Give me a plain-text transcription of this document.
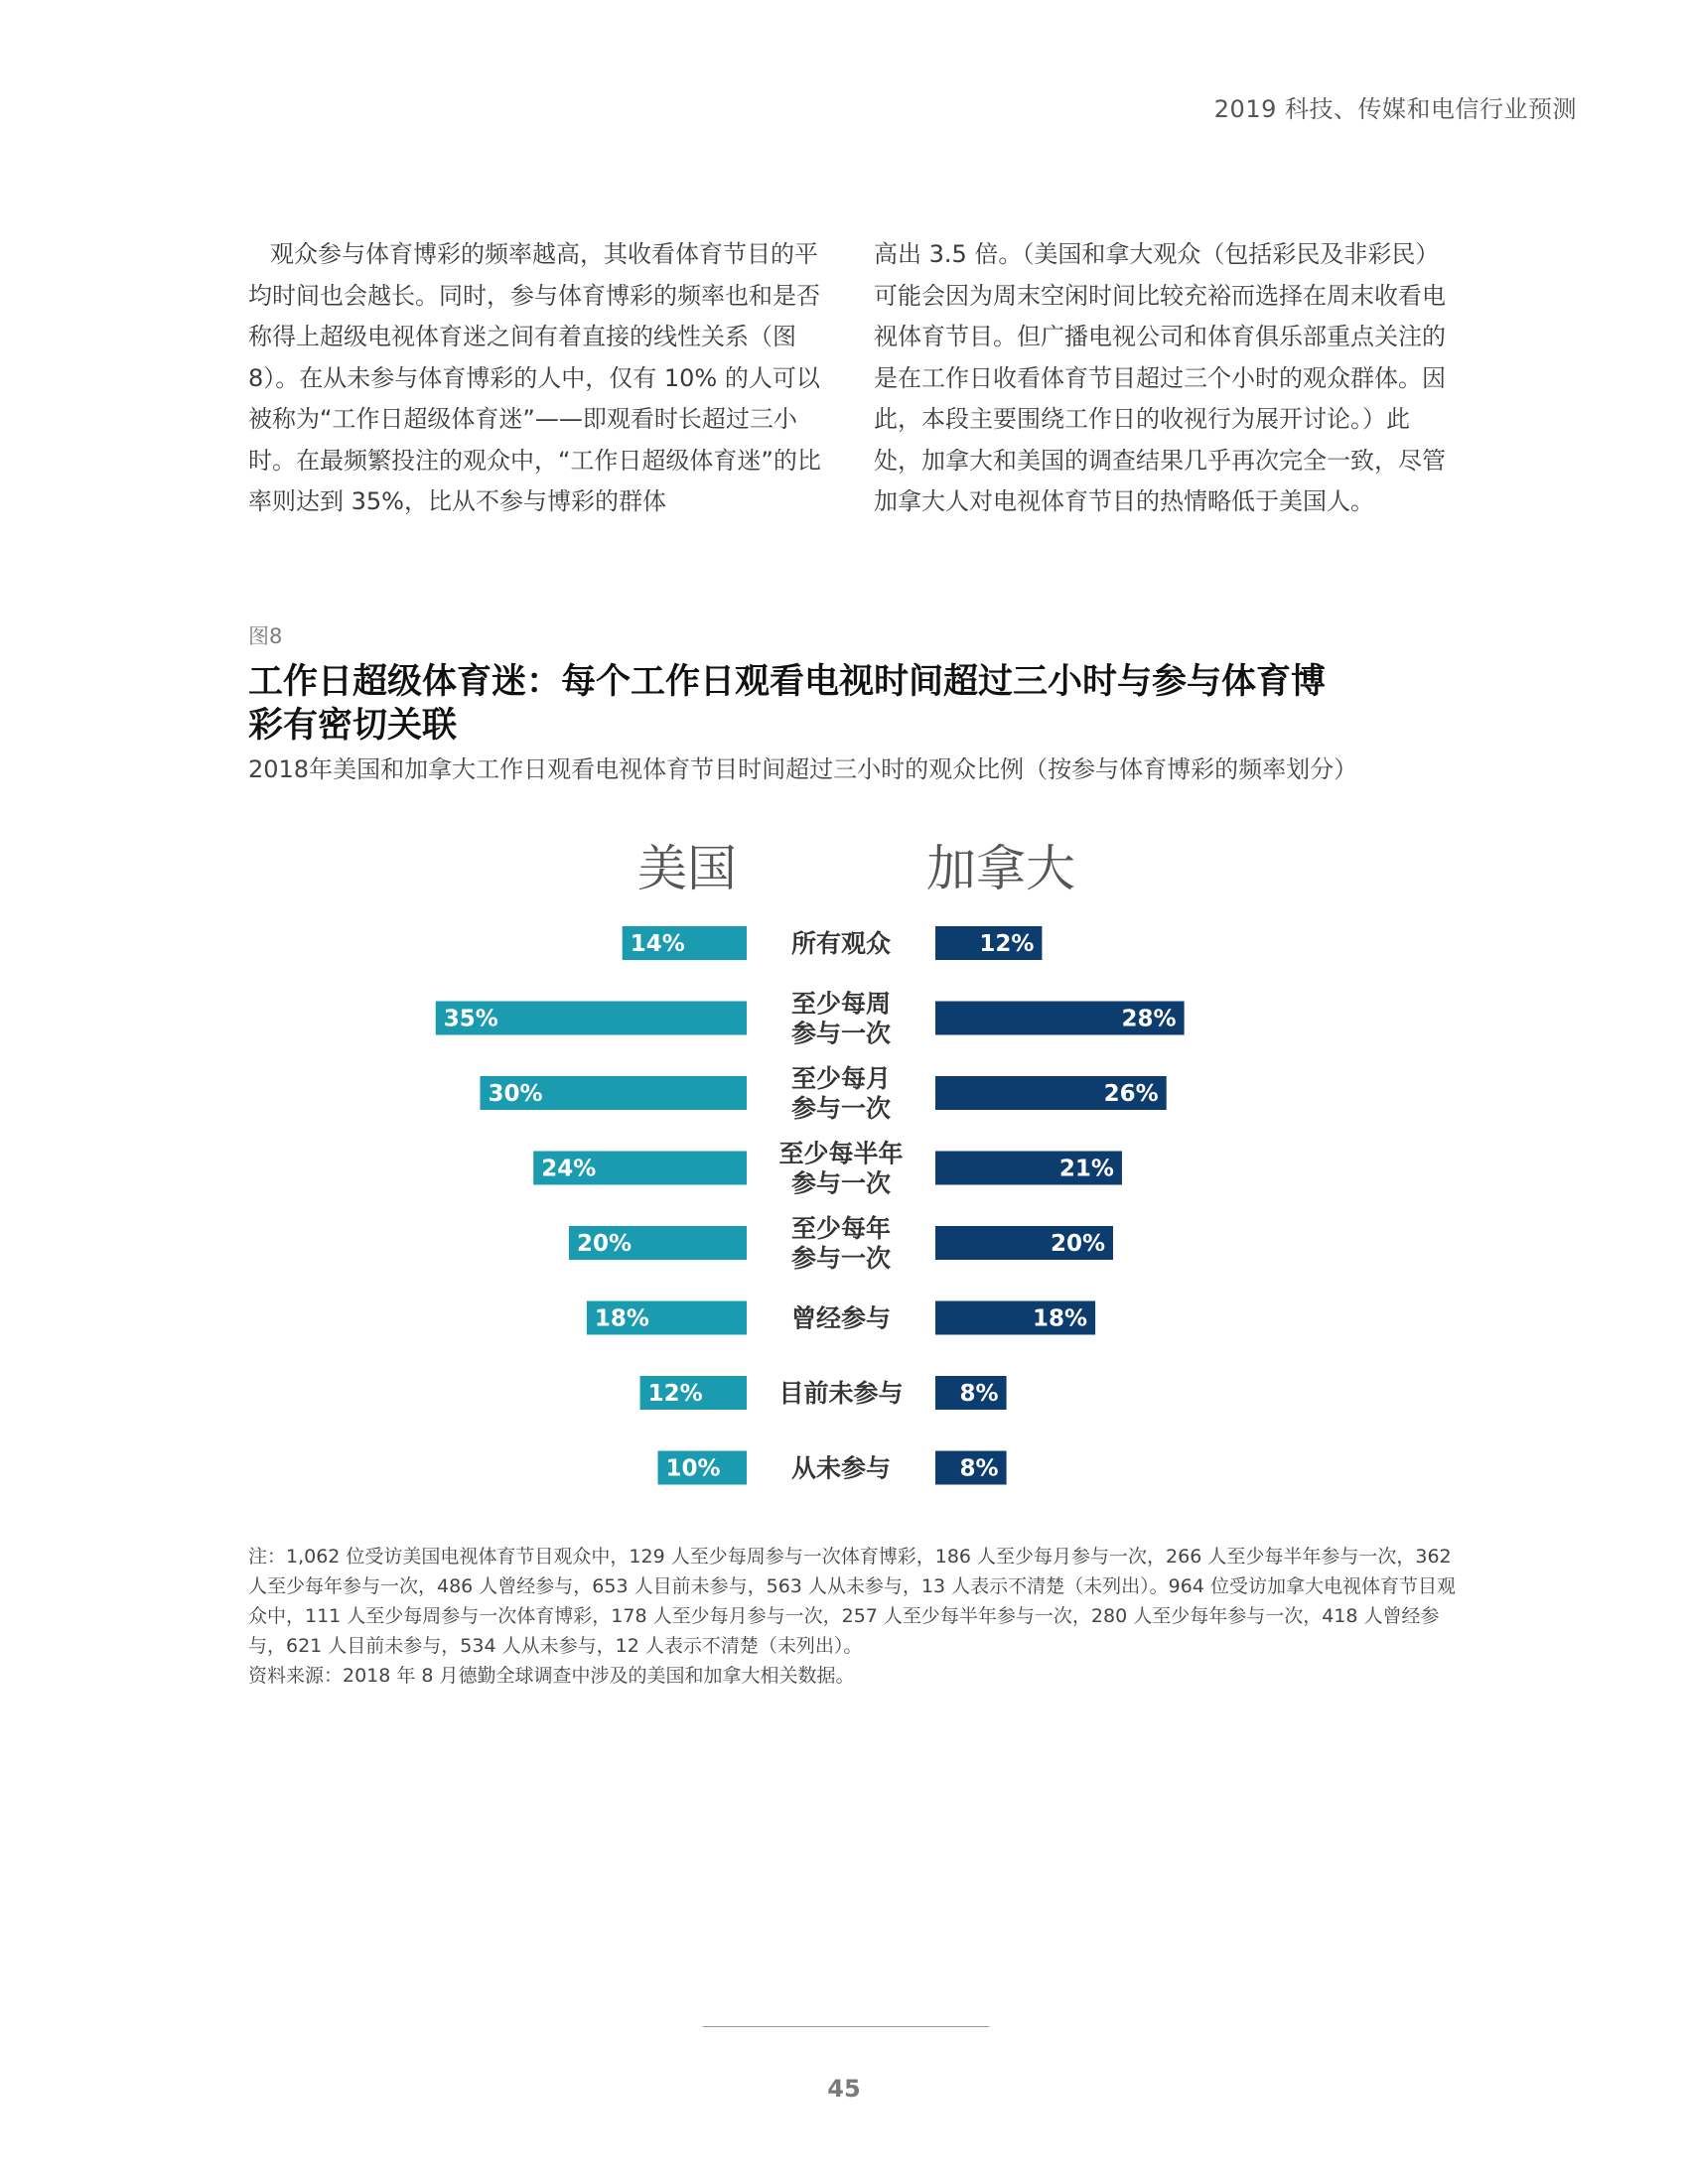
2019 科技、传媒和电信行业预测

观众参与体育博彩的频率越高，其收看体育节目的平均时间也会越长。同时，参与体育博彩的频率也和是否称得上超级电视体育迷之间有着直接的线性关系（图 8）。在从未参与体育博彩的人中，仅有 10% 的人可以被称为“工作日超级体育迷”——即观看时长超过三小时。在最频繁投注的观众中，“工作日超级体育迷”的比率则达到 35%，比从不参与博彩的群体

高出 3.5 倍。（美国和拿大观众（包括彩民及非彩民）可能会因为周末空闲时间比较充裕而选择在周末收看电视体育节目。但广播电视公司和体育俱乐部重点关注的是在工作日收看体育节目超过三个小时的观众群体。因此，本段主要围绕工作日的收视行为展开讨论。）此处，加拿大和美国的调查结果几乎再次完全一致，尽管加拿大人对电视体育节目的热情略低于美国人。

图8
工作日超级体育迷：每个工作日观看电视时间超过三小时与参与体育博彩有密切关联
2018年美国和加拿大工作日观看电视体育节目时间超过三小时的观众比例（按参与体育博彩的频率划分）
美国	加拿大
所有观众
14%	12%
至少每周参与一次
35%	28%
至少每月参与一次
30%	26%
至少每半年参与一次
24%	21%
至少每年参与一次
20%	20%
曾经参与
18%	18%
目前未参与
12%	8%
从未参与
10%	8%

注：1,062 位受访美国电视体育节目观众中，129 人至少每周参与一次体育博彩，186 人至少每月参与一次，266 人至少每半年参与一次，362 人至少每年参与一次，486 人曾经参与，653 人目前未参与，563 人从未参与，13 人表示不清楚（未列出）。964 位受访加拿大电视体育节目观众中，111 人至少每周参与一次体育博彩，178 人至少每月参与一次，257 人至少每半年参与一次，280 人至少每年参与一次，418 人曾经参与，621 人目前未参与，534 人从未参与，12 人表示不清楚（未列出）。

资料来源：2018 年 8 月德勤全球调查中涉及的美国和加拿大相关数据。

45
